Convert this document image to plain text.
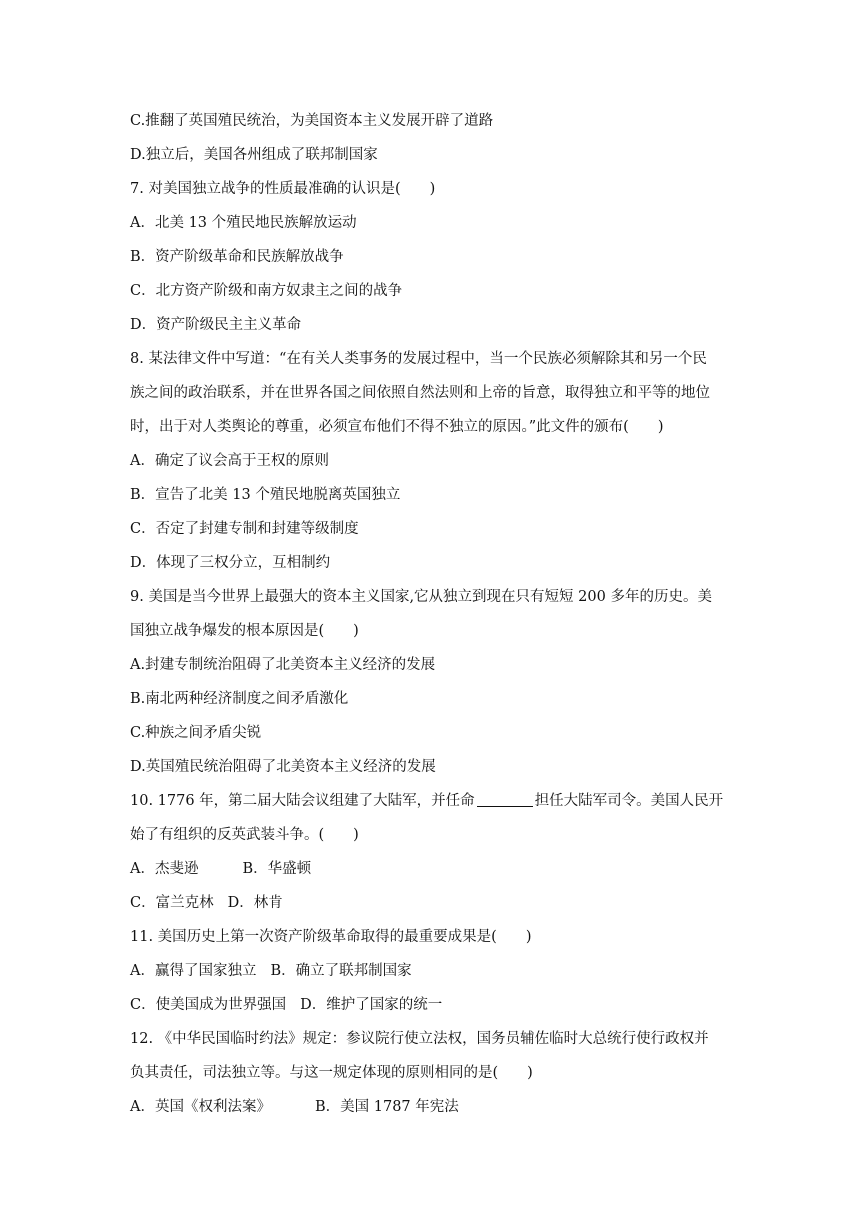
C.推翻了英国殖民统治，为美国资本主义发展开辟了道路
D.独立后，美国各州组成了联邦制国家
7. 对美国独立战争的性质最准确的认识是(　　)
A．北美 13 个殖民地民族解放运动
B．资产阶级革命和民族解放战争
C．北方资产阶级和南方奴隶主之间的战争
D．资产阶级民主主义革命
8. 某法律文件中写道：“在有关人类事务的发展过程中，当一个民族必须解除其和另一个民
族之间的政治联系，并在世界各国之间依照自然法则和上帝的旨意，取得独立和平等的地位
时，出于对人类舆论的尊重，必须宣布他们不得不独立的原因。”此文件的颁布(　　)
A．确定了议会高于王权的原则
B．宣告了北美 13 个殖民地脱离英国独立
C．否定了封建专制和封建等级制度
D．体现了三权分立，互相制约
9. 美国是当今世界上最强大的资本主义国家,它从独立到现在只有短短 200 多年的历史。美
国独立战争爆发的根本原因是(　　)
A.封建专制统治阻碍了北美资本主义经济的发展
B.南北两种经济制度之间矛盾激化
C.种族之间矛盾尖锐
D.英国殖民统治阻碍了北美资本主义经济的发展
10. 1776 年，第二届大陆会议组建了大陆军，并任命	担任大陆军司令。美国人民开
始了有组织的反英武装斗争。(　　)
A．杰斐逊	B．华盛顿
C．富兰克林 D．林肯
11. 美国历史上第一次资产阶级革命取得的最重要成果是(　　)
A．赢得了国家独立 B．确立了联邦制国家
C．使美国成为世界强国 D．维护了国家的统一
12. 《中华民国临时约法》规定：参议院行使立法权，国务员辅佐临时大总统行使行政权并
负其责任，司法独立等。与这一规定体现的原则相同的是(　　)
A．英国《权利法案》	B．美国 1787 年宪法
